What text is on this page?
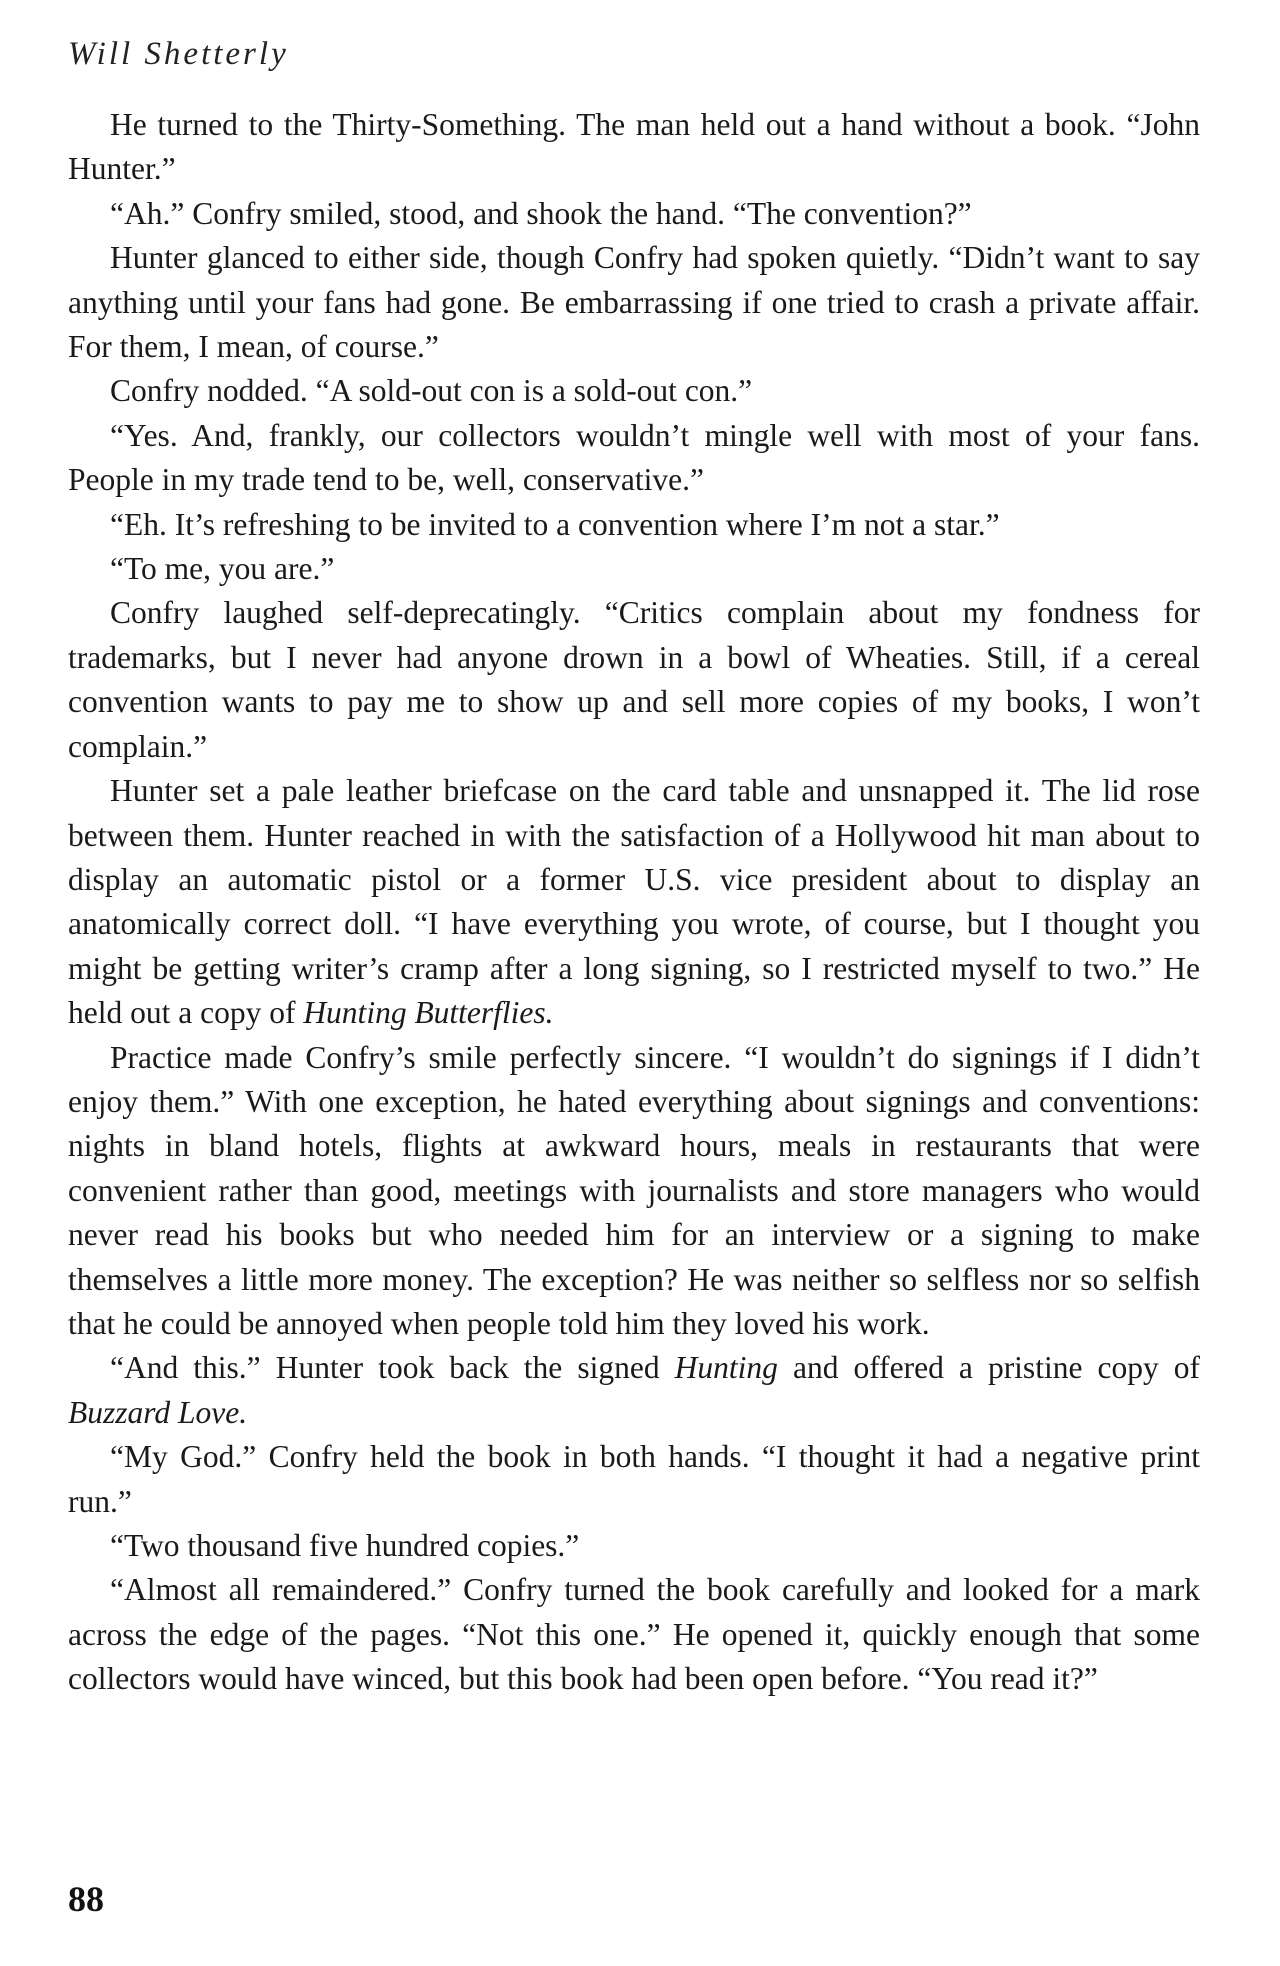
Will Shetterly

He turned to the Thirty-Something. The man held out a hand without a book. “John Hunter.”

“Ah.” Confry smiled, stood, and shook the hand. “The convention?”

Hunter glanced to either side, though Confry had spoken quietly. “Didn’t want to say anything until your fans had gone. Be embarrassing if one tried to crash a private affair. For them, I mean, of course.”

Confry nodded. “A sold-out con is a sold-out con.”

“Yes. And, frankly, our collectors wouldn’t mingle well with most of your fans. People in my trade tend to be, well, conservative.”

“Eh. It’s refreshing to be invited to a convention where I’m not a star.”

“To me, you are.”

Confry laughed self-deprecatingly. “Critics complain about my fondness for trademarks, but I never had anyone drown in a bowl of Wheaties. Still, if a cereal convention wants to pay me to show up and sell more copies of my books, I won’t complain.”

Hunter set a pale leather briefcase on the card table and unsnapped it. The lid rose between them. Hunter reached in with the satisfaction of a Hollywood hit man about to display an automatic pistol or a former U.S. vice president about to display an anatomically correct doll. “I have everything you wrote, of course, but I thought you might be getting writer’s cramp after a long signing, so I restricted myself to two.” He held out a copy of Hunting Butterflies.

Practice made Confry’s smile perfectly sincere. “I wouldn’t do signings if I didn’t enjoy them.” With one exception, he hated everything about signings and conventions: nights in bland hotels, flights at awkward hours, meals in restaurants that were convenient rather than good, meetings with journalists and store managers who would never read his books but who needed him for an interview or a signing to make themselves a little more money. The exception? He was neither so selfless nor so selfish that he could be annoyed when people told him they loved his work.

“And this.” Hunter took back the signed Hunting and offered a pristine copy of Buzzard Love.

“My God.” Confry held the book in both hands. “I thought it had a negative print run.”

“Two thousand five hundred copies.”

“Almost all remaindered.” Confry turned the book carefully and looked for a mark across the edge of the pages. “Not this one.” He opened it, quickly enough that some collectors would have winced, but this book had been open before. “You read it?”

88
